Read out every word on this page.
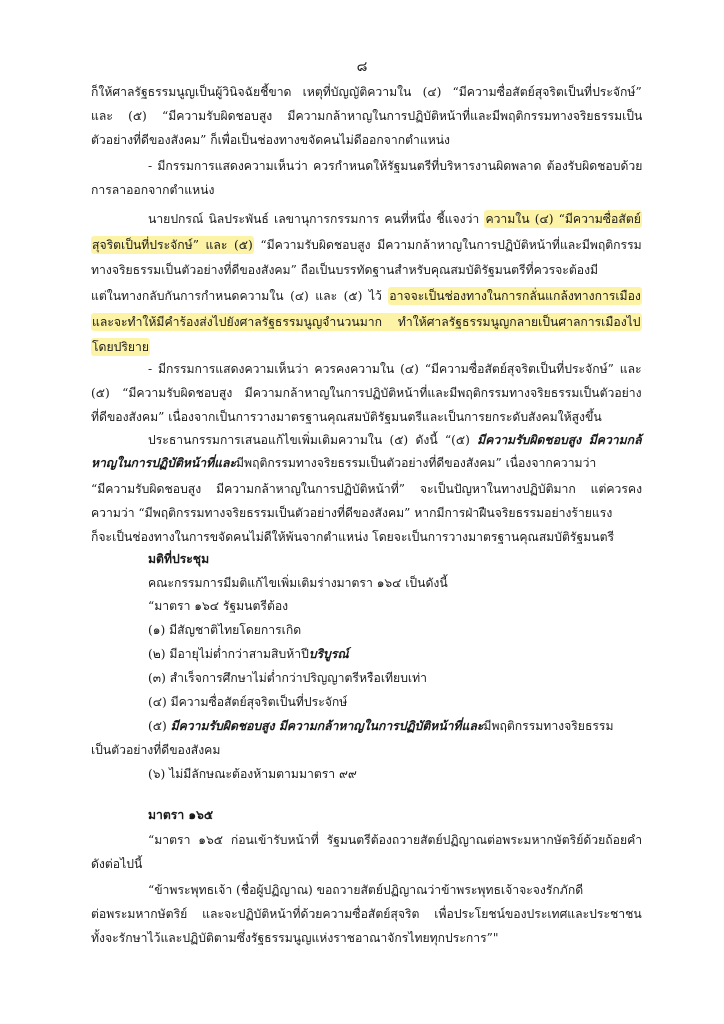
๘
ก็ให้ศาลรัฐธรรมนูญเป็นผู้วินิจฉัยชี้ขาด เหตุที่บัญญัติความใน (๔) “มีความซื่อสัตย์สุจริตเป็นที่ประจักษ์”
และ (๕) “มีความรับผิดชอบสูง มีความกล้าหาญในการปฏิบัติหน้าที่และมีพฤติกรรมทางจริยธรรมเป็น
ตัวอย่างที่ดีของสังคม” ก็เพื่อเป็นช่องทางขจัดคนไม่ดีออกจากตำแหน่ง
- มีกรรมการแสดงความเห็นว่า ควรกำหนดให้รัฐมนตรีที่บริหารงานผิดพลาด ต้องรับผิดชอบด้วย
การลาออกจากตำแหน่ง
นายปกรณ์ นิลประพันธ์ เลขานุการกรรมการ คนที่หนึ่ง ชี้แจงว่า ความใน (๔) “มีความซื่อสัตย์
สุจริตเป็นที่ประจักษ์” และ (๕) “มีความรับผิดชอบสูง มีความกล้าหาญในการปฏิบัติหน้าที่และมีพฤติกรรม
ทางจริยธรรมเป็นตัวอย่างที่ดีของสังคม” ถือเป็นบรรทัดฐานสำหรับคุณสมบัติรัฐมนตรีที่ควรจะต้องมี
แต่ในทางกลับกันการกำหนดความใน (๔) และ (๕) ไว้ อาจจะเป็นช่องทางในการกลั่นแกล้งทางการเมือง
และจะทำให้มีคำร้องส่งไปยังศาลรัฐธรรมนูญจำนวนมาก ทำให้ศาลรัฐธรรมนูญกลายเป็นศาลการเมืองไป
โดยปริยาย
- มีกรรมการแสดงความเห็นว่า ควรคงความใน (๔) “มีความซื่อสัตย์สุจริตเป็นที่ประจักษ์” และ
(๕) “มีความรับผิดชอบสูง มีความกล้าหาญในการปฏิบัติหน้าที่และมีพฤติกรรมทางจริยธรรมเป็นตัวอย่าง
ที่ดีของสังคม” เนื่องจากเป็นการวางมาตรฐานคุณสมบัติรัฐมนตรีและเป็นการยกระดับสังคมให้สูงขึ้น
ประธานกรรมการเสนอแก้ไขเพิ่มเติมความใน (๕) ดังนี้ “(๕) มีความรับผิดชอบสูง มีความกล้
หาญในการปฏิบัติหน้าที่และมีพฤติกรรมทางจริยธรรมเป็นตัวอย่างที่ดีของสังคม” เนื่องจากความว่า
“มีความรับผิดชอบสูง มีความกล้าหาญในการปฏิบัติหน้าที่” จะเป็นปัญหาในทางปฏิบัติมาก แต่ควรคง
ความว่า “มีพฤติกรรมทางจริยธรรมเป็นตัวอย่างที่ดีของสังคม” หากมีการฝ่าฝืนจริยธรรมอย่างร้ายแรง
ก็จะเป็นช่องทางในการขจัดคนไม่ดีให้พ้นจากตำแหน่ง โดยจะเป็นการวางมาตรฐานคุณสมบัติรัฐมนตรี
มติที่ประชุม
คณะกรรมการมีมติแก้ไขเพิ่มเติมร่างมาตรา ๑๖๔ เป็นดังนี้
“มาตรา ๑๖๔ รัฐมนตรีต้อง
(๑) มีสัญชาติไทยโดยการเกิด
(๒) มีอายุไม่ต่ำกว่าสามสิบห้าปีบริบูรณ์
(๓) สำเร็จการศึกษาไม่ต่ำกว่าปริญญาตรีหรือเทียบเท่า
(๔) มีความซื่อสัตย์สุจริตเป็นที่ประจักษ์
(๕) มีความรับผิดชอบสูง มีความกล้าหาญในการปฏิบัติหน้าที่และมีพฤติกรรมทางจริยธรรม
เป็นตัวอย่างที่ดีของสังคม
(๖) ไม่มีลักษณะต้องห้ามตามมาตรา ๙๙
มาตรา ๑๖๕
“มาตรา ๑๖๕ ก่อนเข้ารับหน้าที่ รัฐมนตรีต้องถวายสัตย์ปฏิญาณต่อพระมหากษัตริย์ด้วยถ้อยคำ
ดังต่อไปนี้
“ข้าพระพุทธเจ้า (ชื่อผู้ปฏิญาณ) ขอถวายสัตย์ปฏิญาณว่าข้าพระพุทธเจ้าจะจงรักภักดี
ต่อพระมหากษัตริย์ และจะปฏิบัติหน้าที่ด้วยความซื่อสัตย์สุจริต เพื่อประโยชน์ของประเทศและประชาชน
ทั้งจะรักษาไว้และปฏิบัติตามซึ่งรัฐธรรมนูญแห่งราชอาณาจักรไทยทุกประการ”"
